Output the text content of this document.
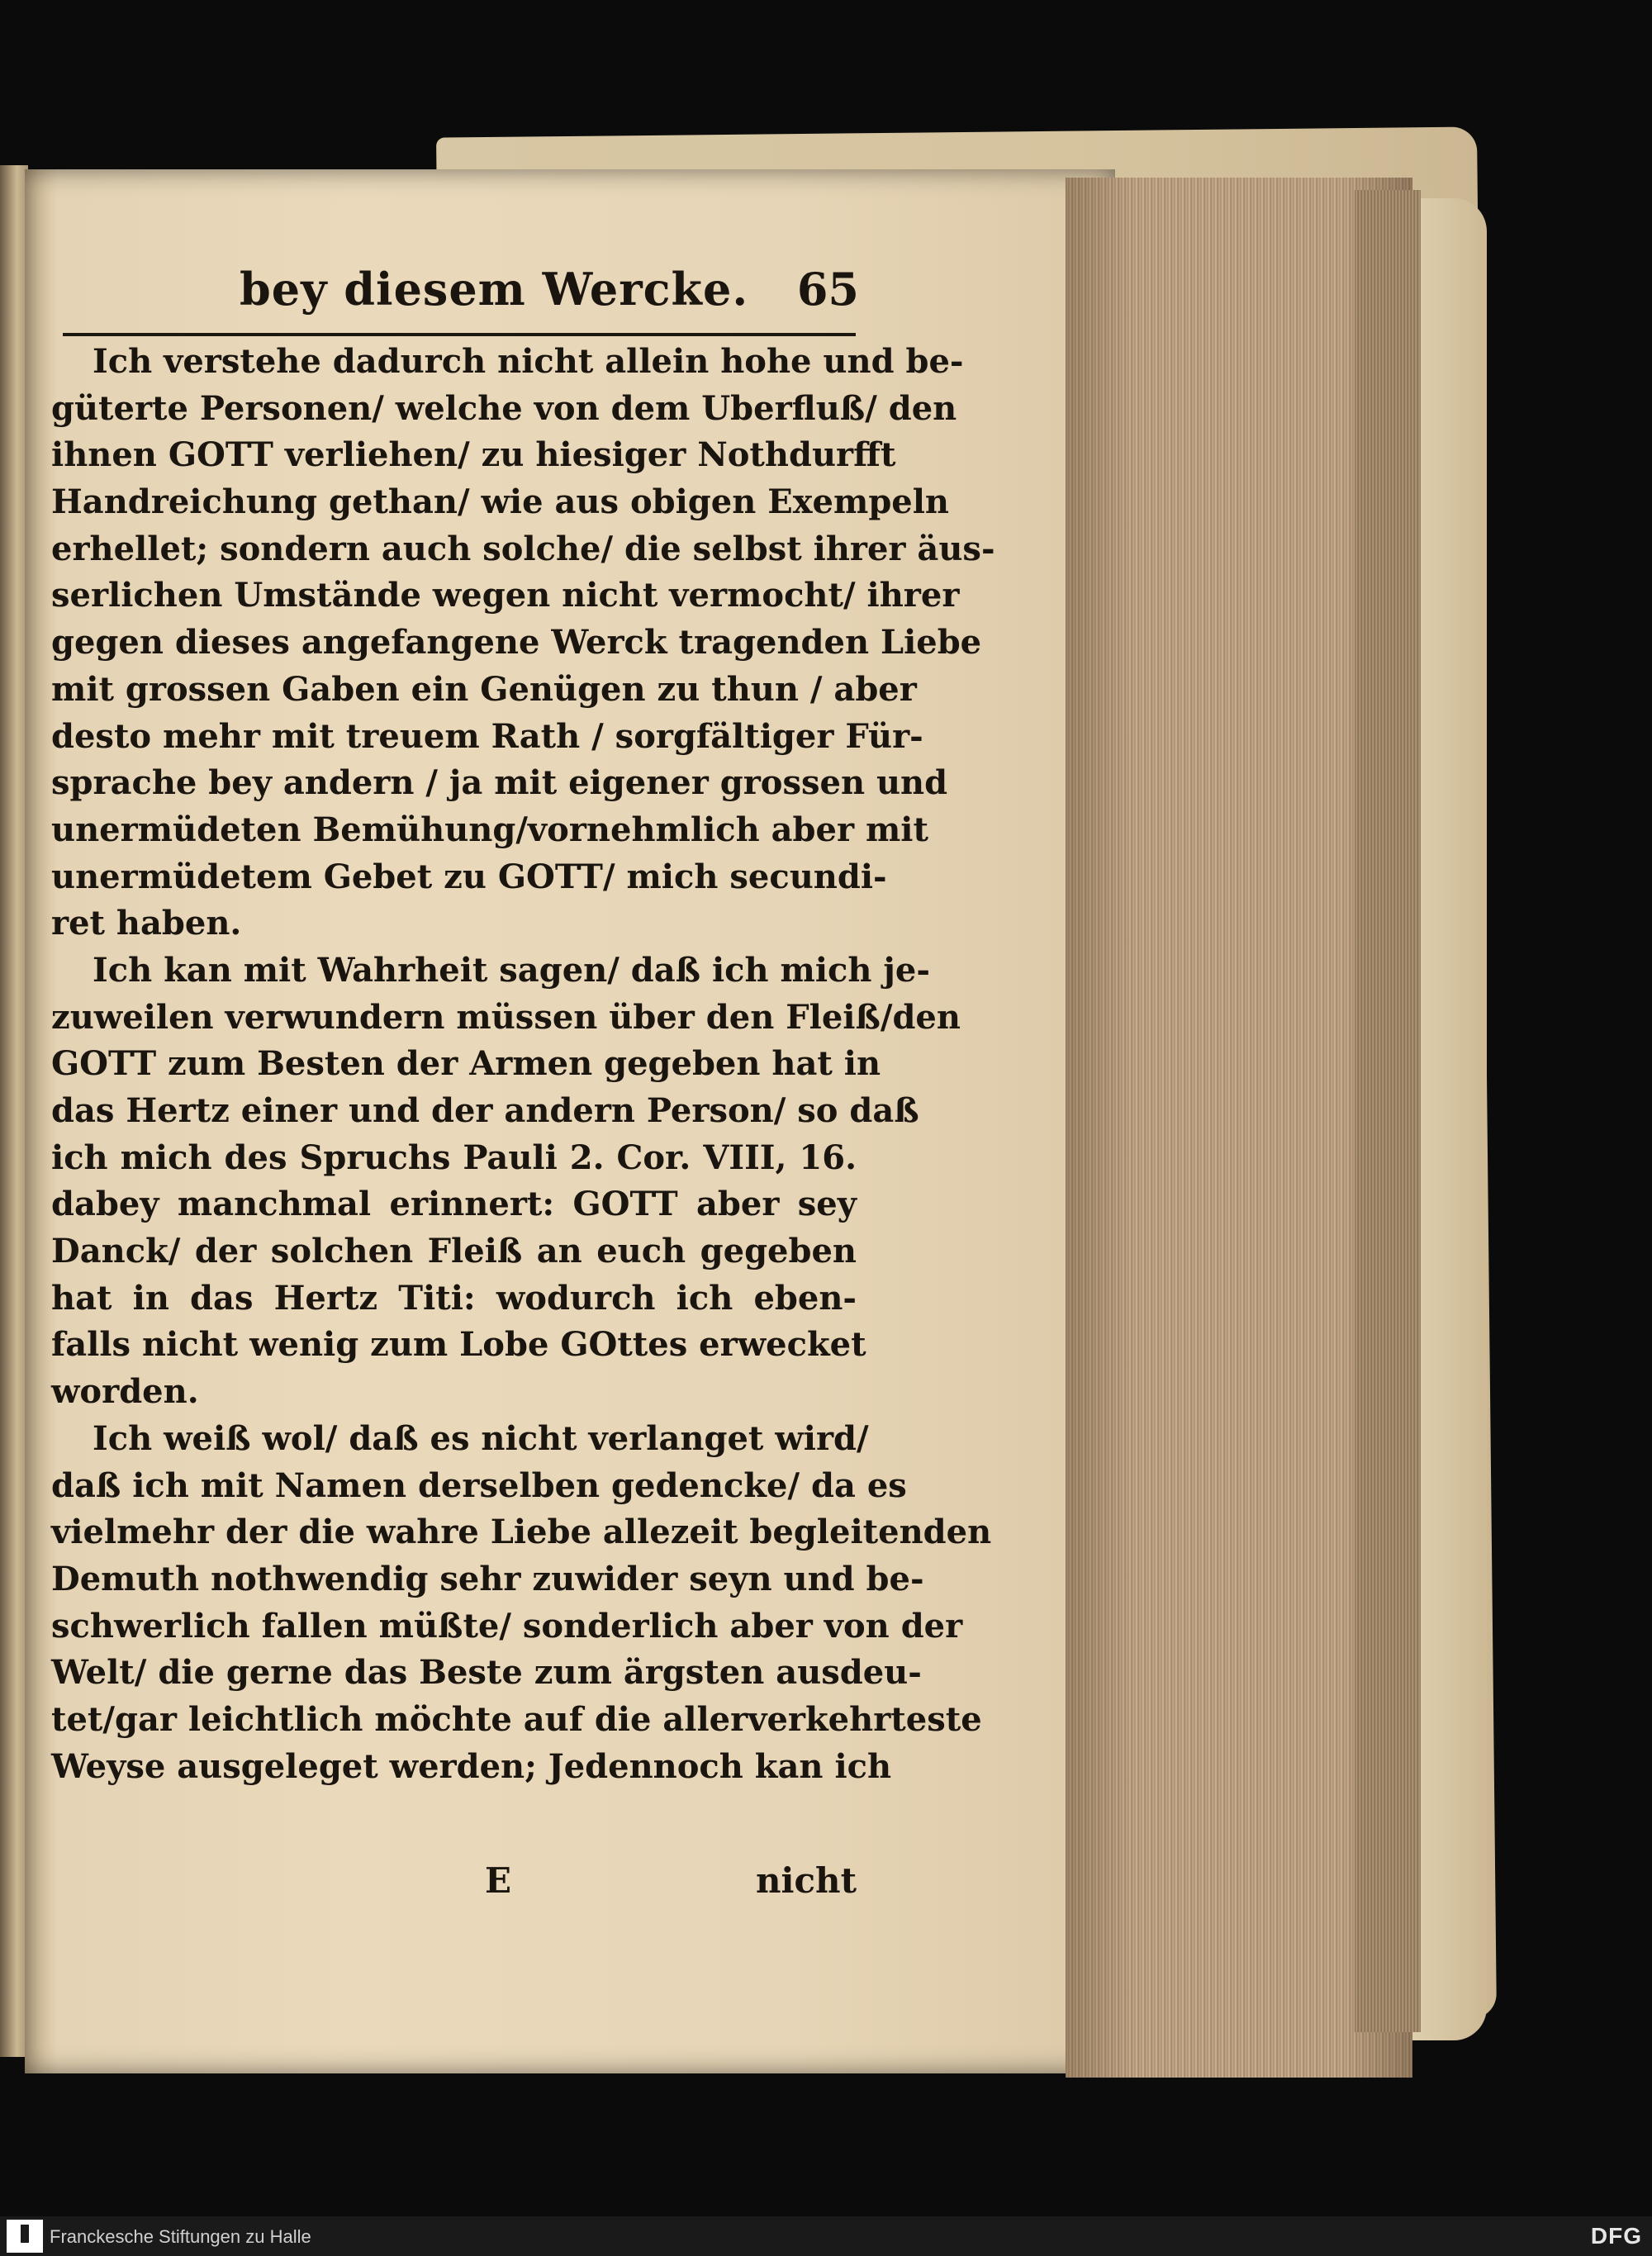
bey diesem Wercke. 65
Ich verstehe dadurch nicht allein hohe und be-
güterte Personen/ welche von dem Uberfluß/ den
ihnen GOTT verliehen/ zu hiesiger Nothdurfft
Handreichung gethan/ wie aus obigen Exempeln
erhellet; sondern auch solche/ die selbst ihrer äus-
serlichen Umstände wegen nicht vermocht/ ihrer
gegen dieses angefangene Werck tragenden Liebe
mit grossen Gaben ein Genügen zu thun / aber
desto mehr mit treuem Rath / sorgfältiger Für-
sprache bey andern / ja mit eigener grossen und
unermüdeten Bemühung/vornehmlich aber mit
unermüdetem Gebet zu GOTT/ mich secundi-
ret haben.
Ich kan mit Wahrheit sagen/ daß ich mich je-
zuweilen verwundern müssen über den Fleiß/den
GOTT zum Besten der Armen gegeben hat in
das Hertz einer und der andern Person/ so daß
ich mich des Spruchs Pauli 2. Cor. VIII, 16.
dabey manchmal erinnert: GOTT aber sey
Danck/ der solchen Fleiß an euch gegeben
hat in das Hertz Titi: wodurch ich eben-
falls nicht wenig zum Lobe GOttes erwecket
worden.
Ich weiß wol/ daß es nicht verlanget wird/
daß ich mit Namen derselben gedencke/ da es
vielmehr der die wahre Liebe allezeit begleitenden
Demuth nothwendig sehr zuwider seyn und be-
schwerlich fallen müßte/ sonderlich aber von der
Welt/ die gerne das Beste zum ärgsten ausdeu-
tet/gar leichtlich möchte auf die allerverkehrteste
Weyse ausgeleget werden; Jedennoch kan ich
E	nicht
Franckesche Stiftungen zu Halle	DFG
